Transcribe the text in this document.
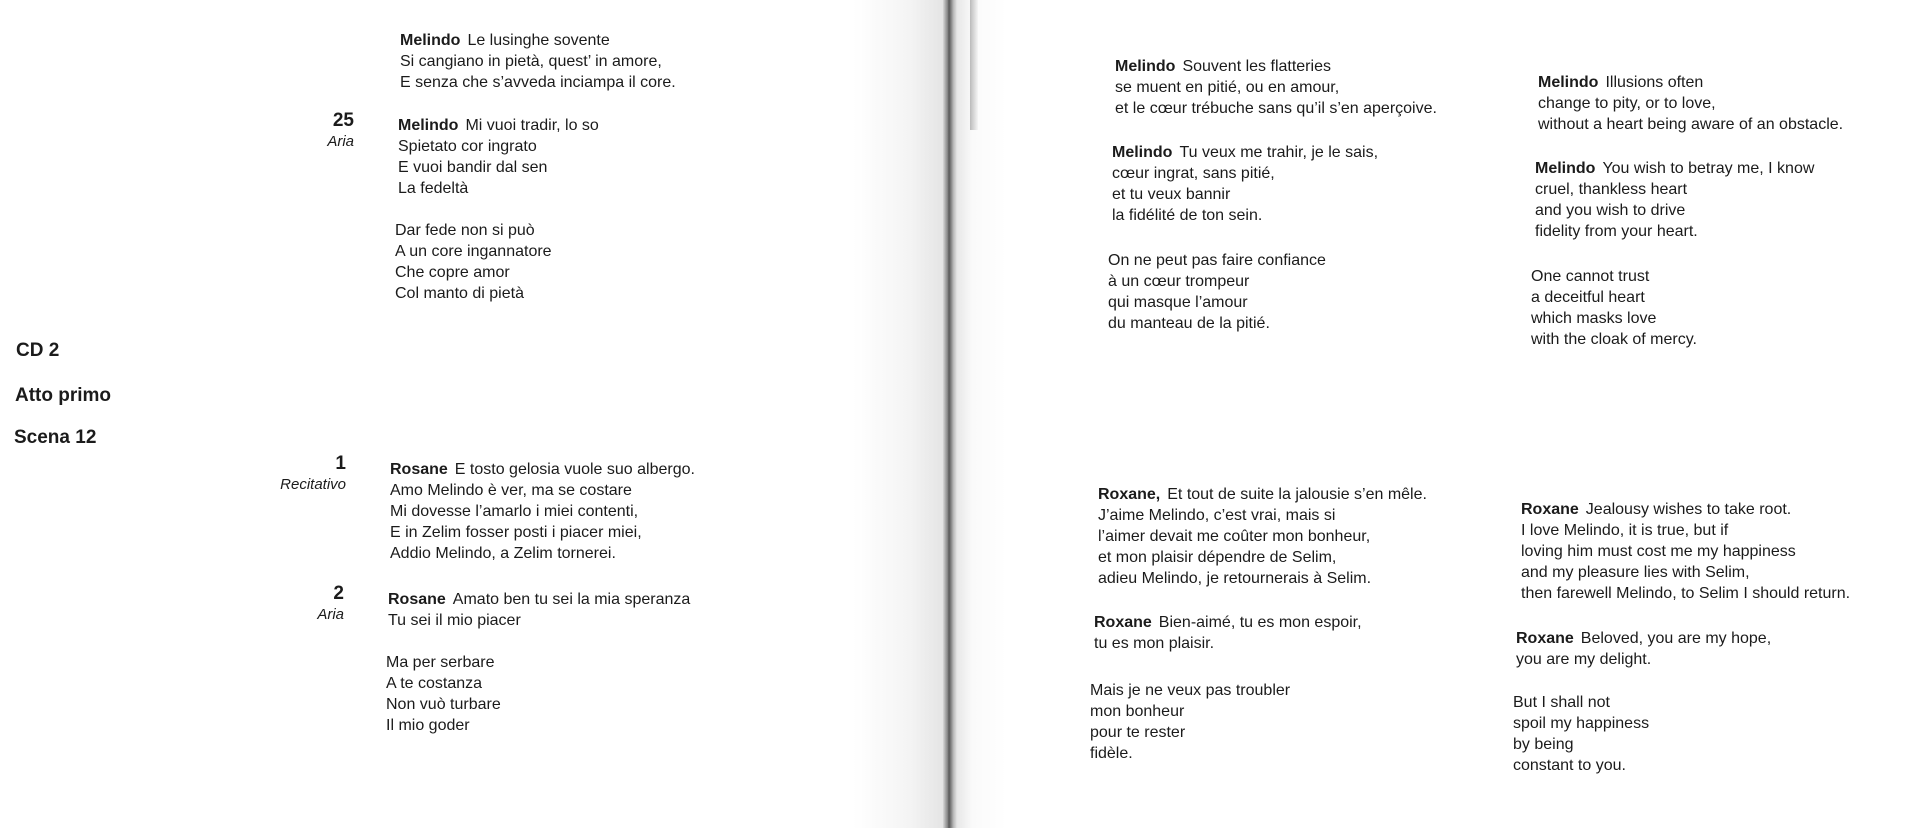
Melindo Le lusinghe sovente
Si cangiano in pietà, quest’ in amore,
E senza che s’avveda inciampa il core.
25
Aria
Melindo Mi vuoi tradir, lo so
Spietato cor ingrato
E vuoi bandir dal sen
La fedeltà
Dar fede non si può
A un core ingannatore
Che copre amor
Col manto di pietà
CD 2
Atto primo
Scena 12
1
Recitativo
Rosane E tosto gelosia vuole suo albergo.
Amo Melindo è ver, ma se costare
Mi dovesse l’amarlo i miei contenti,
E in Zelim fosser posti i piacer miei,
Addio Melindo, a Zelim tornerei.
2
Aria
Rosane Amato ben tu sei la mia speranza
Tu sei il mio piacer
Ma per serbare
A te costanza
Non vuò turbare
Il mio goder
Melindo Souvent les flatteries
se muent en pitié, ou en amour,
et le cœur trébuche sans qu’il s’en aperçoive.
Melindo Tu veux me trahir, je le sais,
cœur ingrat, sans pitié,
et tu veux bannir
la fidélité de ton sein.
On ne peut pas faire confiance
à un cœur trompeur
qui masque l’amour
du manteau de la pitié.
Roxane, Et tout de suite la jalousie s’en mêle.
J’aime Melindo, c’est vrai, mais si
l’aimer devait me coûter mon bonheur,
et mon plaisir dépendre de Selim,
adieu Melindo, je retournerais à Selim.
Roxane Bien-aimé, tu es mon espoir,
tu es mon plaisir.
Mais je ne veux pas troubler
mon bonheur
pour te rester
fidèle.
Melindo Illusions often
change to pity, or to love,
without a heart being aware of an obstacle.
Melindo You wish to betray me, I know
cruel, thankless heart
and you wish to drive
fidelity from your heart.
One cannot trust
a deceitful heart
which masks love
with the cloak of mercy.
Roxane Jealousy wishes to take root.
I love Melindo, it is true, but if
loving him must cost me my happiness
and my pleasure lies with Selim,
then farewell Melindo, to Selim I should return.
Roxane Beloved, you are my hope,
you are my delight.
But I shall not
spoil my happiness
by being
constant to you.
